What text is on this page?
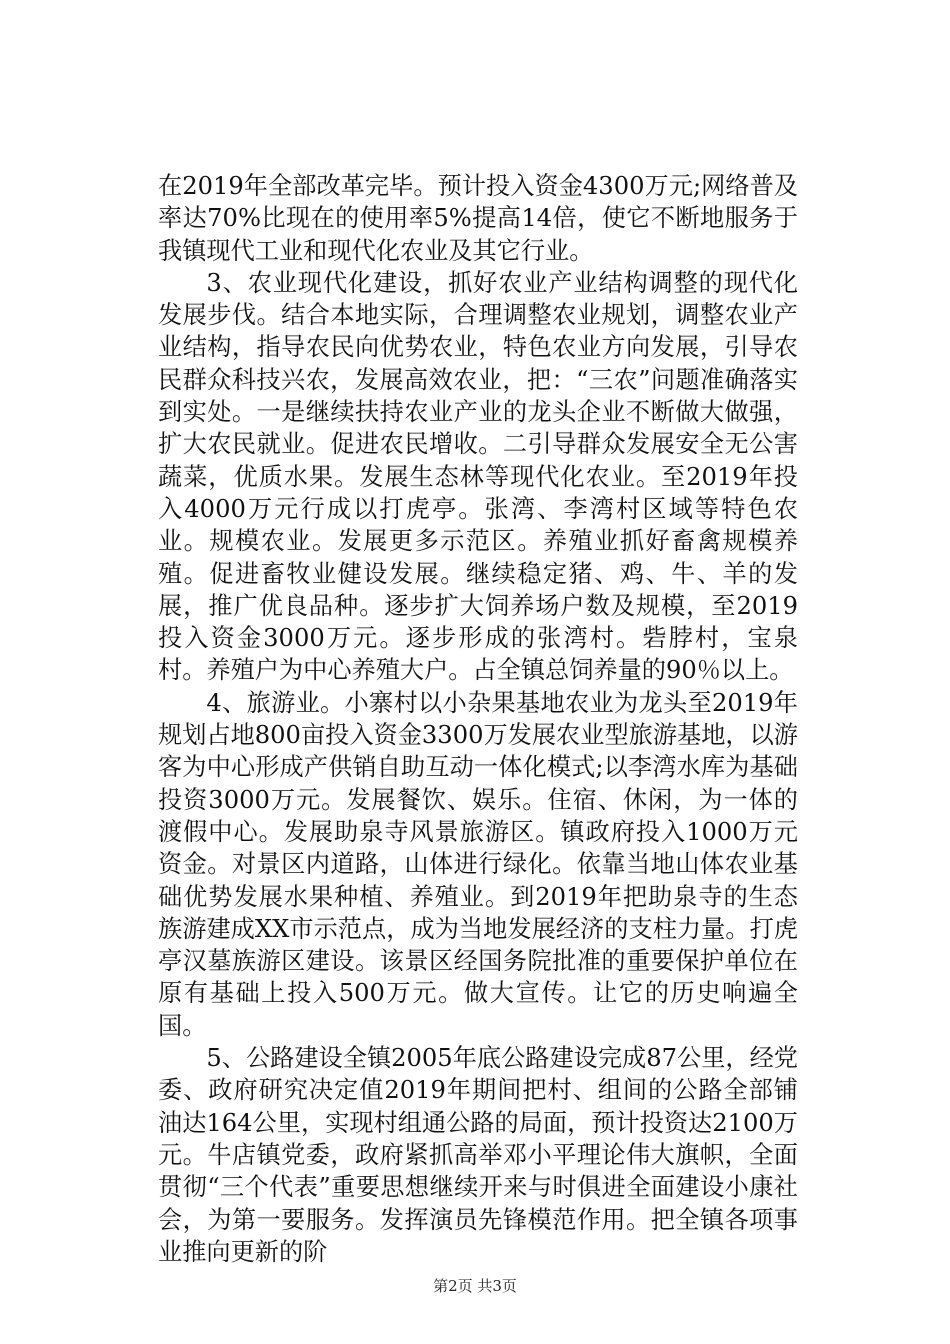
在2019年全部改革完毕。预计投入资金4300万元;网络普及率达70%比现在的使用率5%提高14倍，使它不断地服务于我镇现代工业和现代化农业及其它行业。

3、农业现代化建设，抓好农业产业结构调整的现代化发展步伐。结合本地实际，合理调整农业规划，调整农业产业结构，指导农民向优势农业，特色农业方向发展，引导农民群众科技兴农，发展高效农业，把：“三农”问题准确落实到实处。一是继续扶持农业产业的龙头企业不断做大做强，扩大农民就业。促进农民增收。二引导群众发展安全无公害蔬菜，优质水果。发展生态林等现代化农业。至2019年投入4000万元行成以打虎亭。张湾、李湾村区域等特色农业。规模农业。发展更多示范区。养殖业抓好畜禽规模养殖。促进畜牧业健设发展。继续稳定猪、鸡、牛、羊的发展，推广优良品种。逐步扩大饲养场户数及规模，至2019投入资金3000万元。逐步形成的张湾村。砦脖村，宝泉村。养殖户为中心养殖大户。占全镇总饲养量的90％以上。

4、旅游业。小寨村以小杂果基地农业为龙头至2019年规划占地800亩投入资金3300万发展农业型旅游基地，以游客为中心形成产供销自助互动一体化模式;以李湾水库为基础投资3000万元。发展餐饮、娱乐。住宿、休闲，为一体的渡假中心。发展助泉寺风景旅游区。镇政府投入1000万元资金。对景区内道路，山体进行绿化。依靠当地山体农业基础优势发展水果种植、养殖业。到2019年把助泉寺的生态族游建成XX市示范点，成为当地发展经济的支柱力量。打虎亭汉墓族游区建设。该景区经国务院批准的重要保护单位在原有基础上投入500万元。做大宣传。让它的历史响遍全国。

5、公路建设全镇2005年底公路建设完成87公里，经党委、政府研究决定值2019年期间把村、组间的公路全部铺油达164公里，实现村组通公路的局面，预计投资达2100万元。牛店镇党委，政府紧抓高举邓小平理论伟大旗帜，全面贯彻“三个代表”重要思想继续开来与时俱进全面建设小康社会，为第一要服务。发挥演员先锋模范作用。把全镇各项事业推向更新的阶

第2页 共3页
